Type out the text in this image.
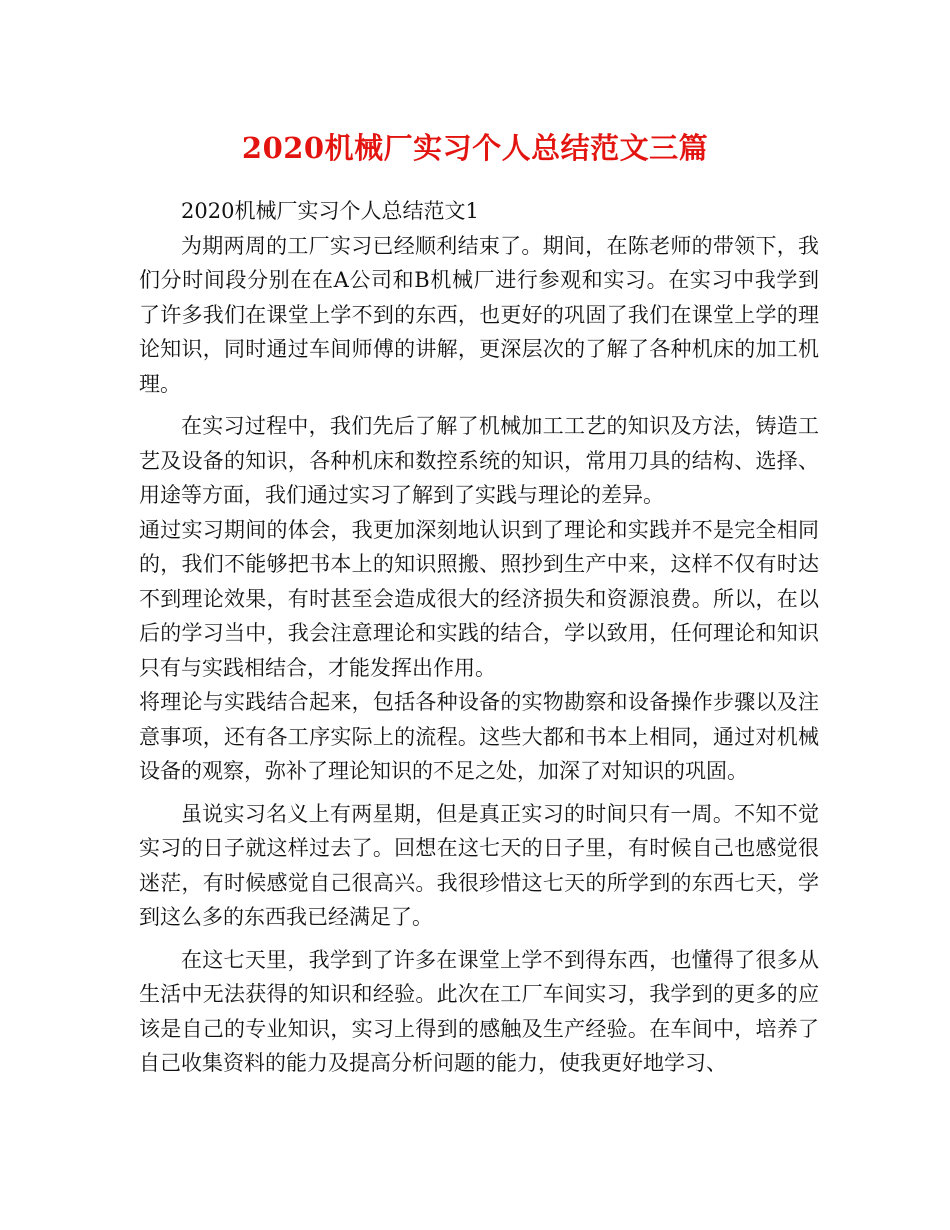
2020机械厂实习个人总结范文三篇

2020机械厂实习个人总结范文1

为期两周的工厂实习已经顺利结束了。期间，在陈老师的带领下，我们分时间段分别在在A公司和B机械厂进行参观和实习。在实习中我学到了许多我们在课堂上学不到的东西，也更好的巩固了我们在课堂上学的理论知识，同时通过车间师傅的讲解，更深层次的了解了各种机床的加工机理。

在实习过程中，我们先后了解了机械加工工艺的知识及方法，铸造工艺及设备的知识，各种机床和数控系统的知识，常用刀具的结构、选择、用途等方面，我们通过实习了解到了实践与理论的差异。

通过实习期间的体会，我更加深刻地认识到了理论和实践并不是完全相同的，我们不能够把书本上的知识照搬、照抄到生产中来，这样不仅有时达不到理论效果，有时甚至会造成很大的经济损失和资源浪费。所以，在以后的学习当中，我会注意理论和实践的结合，学以致用，任何理论和知识只有与实践相结合，才能发挥出作用。

将理论与实践结合起来，包括各种设备的实物勘察和设备操作步骤以及注意事项，还有各工序实际上的流程。这些大都和书本上相同，通过对机械设备的观察，弥补了理论知识的不足之处，加深了对知识的巩固。

虽说实习名义上有两星期，但是真正实习的时间只有一周。不知不觉实习的日子就这样过去了。回想在这七天的日子里，有时候自己也感觉很迷茫，有时候感觉自己很高兴。我很珍惜这七天的所学到的东西七天，学到这么多的东西我已经满足了。

在这七天里，我学到了许多在课堂上学不到得东西，也懂得了很多从生活中无法获得的知识和经验。此次在工厂车间实习，我学到的更多的应该是自己的专业知识，实习上得到的感触及生产经验。在车间中，培养了自己收集资料的能力及提高分析问题的能力，使我更好地学习、
